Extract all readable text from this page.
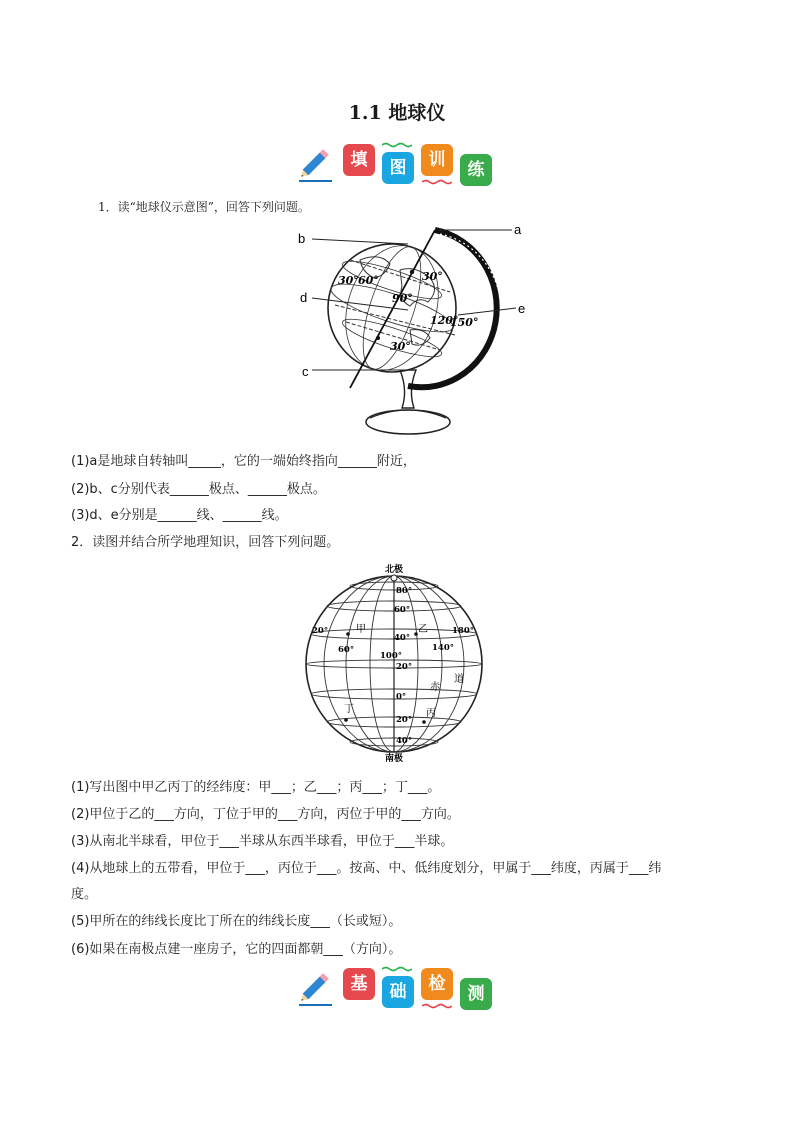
1.1 地球仪
填	图	训	练
1．读“地球仪示意图”，回答下列问题。
a
b
d
c
e
30°
30° 60°
90°
120°
150°
30°
(1)a是地球自转轴叫_____，它的一端始终指向______附近，
(2)b、c分别代表______极点、______极点。
(3)d、e分别是______线、______线。
2．读图并结合所学地理知识，回答下列问题。
北极
南极
80°
60°
40°
20°
0°
20°
40°
20°
60°
100°
140°
180°
甲	乙
丙
丁
赤
道
(1)写出图中甲乙丙丁的经纬度：甲___；乙___；丙___；丁___。
(2)甲位于乙的___方向，丁位于甲的___方向，丙位于甲的___方向。
(3)从南北半球看，甲位于___半球从东西半球看，甲位于___半球。
(4)从地球上的五带看，甲位于___，丙位于___。按高、中、低纬度划分，甲属于___纬度，丙属于___纬
度。
(5)甲所在的纬线长度比丁所在的纬线长度___（长或短）。
(6)如果在南极点建一座房子，它的四面都朝___（方向）。
基	础	检	测
